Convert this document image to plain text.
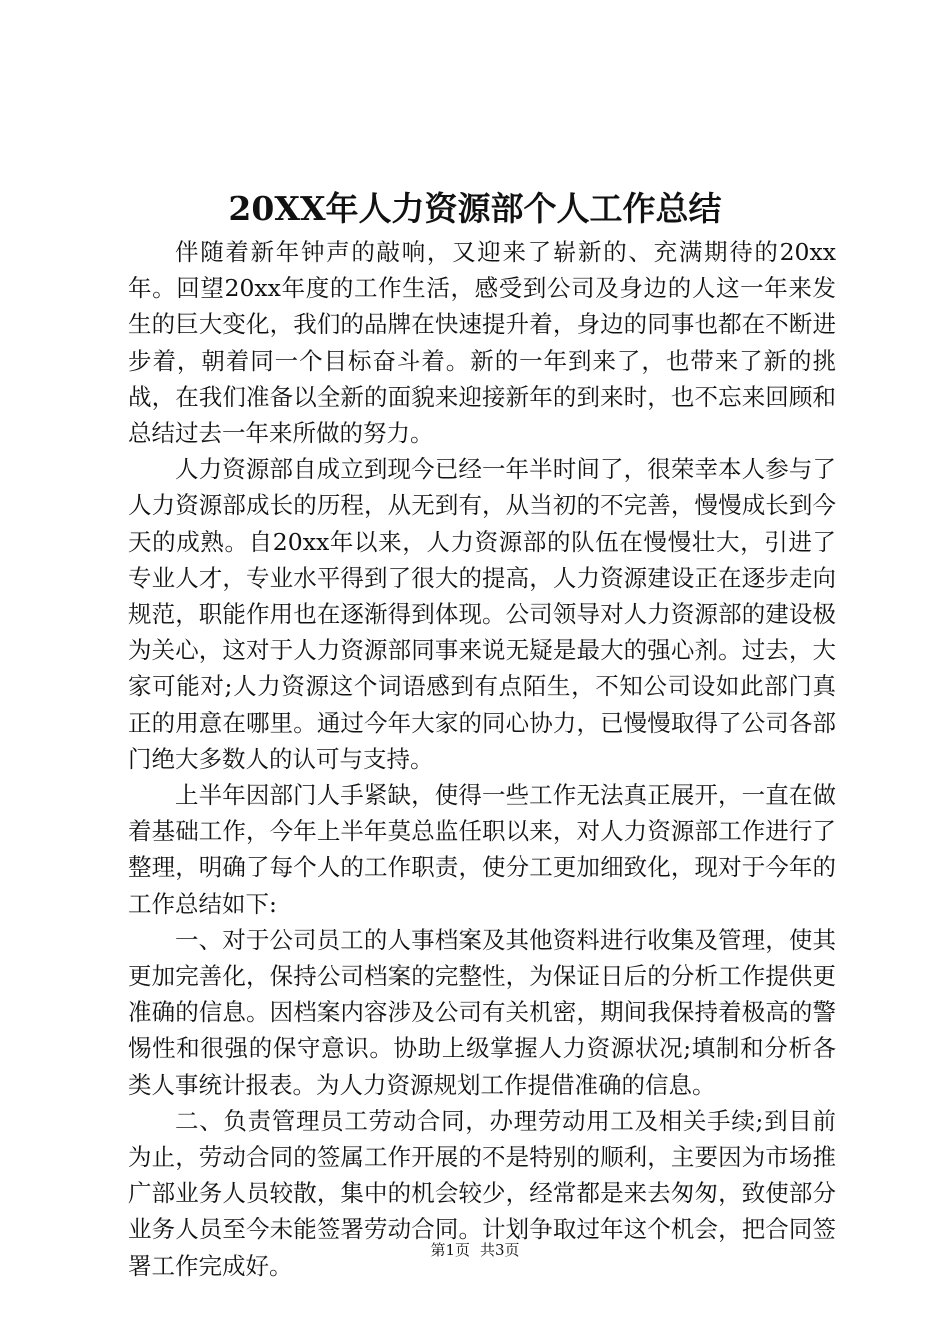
20XX年人力资源部个人工作总结

伴随着新年钟声的敲响，又迎来了崭新的、充满期待的20xx年。回望20xx年度的工作生活，感受到公司及身边的人这一年来发生的巨大变化，我们的品牌在快速提升着，身边的同事也都在不断进步着，朝着同一个目标奋斗着。新的一年到来了，也带来了新的挑战，在我们准备以全新的面貌来迎接新年的到来时，也不忘来回顾和总结过去一年来所做的努力。

人力资源部自成立到现今已经一年半时间了，很荣幸本人参与了人力资源部成长的历程，从无到有，从当初的不完善，慢慢成长到今天的成熟。自20xx年以来，人力资源部的队伍在慢慢壮大，引进了专业人才，专业水平得到了很大的提高，人力资源建设正在逐步走向规范，职能作用也在逐渐得到体现。公司领导对人力资源部的建设极为关心，这对于人力资源部同事来说无疑是最大的强心剂。过去，大家可能对;人力资源这个词语感到有点陌生，不知公司设如此部门真正的用意在哪里。通过今年大家的同心协力，已慢慢取得了公司各部门绝大多数人的认可与支持。

上半年因部门人手紧缺，使得一些工作无法真正展开，一直在做着基础工作，今年上半年莫总监任职以来，对人力资源部工作进行了整理，明确了每个人的工作职责，使分工更加细致化，现对于今年的工作总结如下:

一、对于公司员工的人事档案及其他资料进行收集及管理，使其更加完善化，保持公司档案的完整性，为保证日后的分析工作提供更准确的信息。因档案内容涉及公司有关机密，期间我保持着极高的警惕性和很强的保守意识。协助上级掌握人力资源状况;填制和分析各类人事统计报表。为人力资源规划工作提借准确的信息。

二、负责管理员工劳动合同，办理劳动用工及相关手续;到目前为止，劳动合同的签属工作开展的不是特别的顺利，主要因为市场推广部业务人员较散，集中的机会较少，经常都是来去匆匆，致使部分业务人员至今未能签署劳动合同。计划争取过年这个机会，把合同签署工作完成好。

第1页 共3页
